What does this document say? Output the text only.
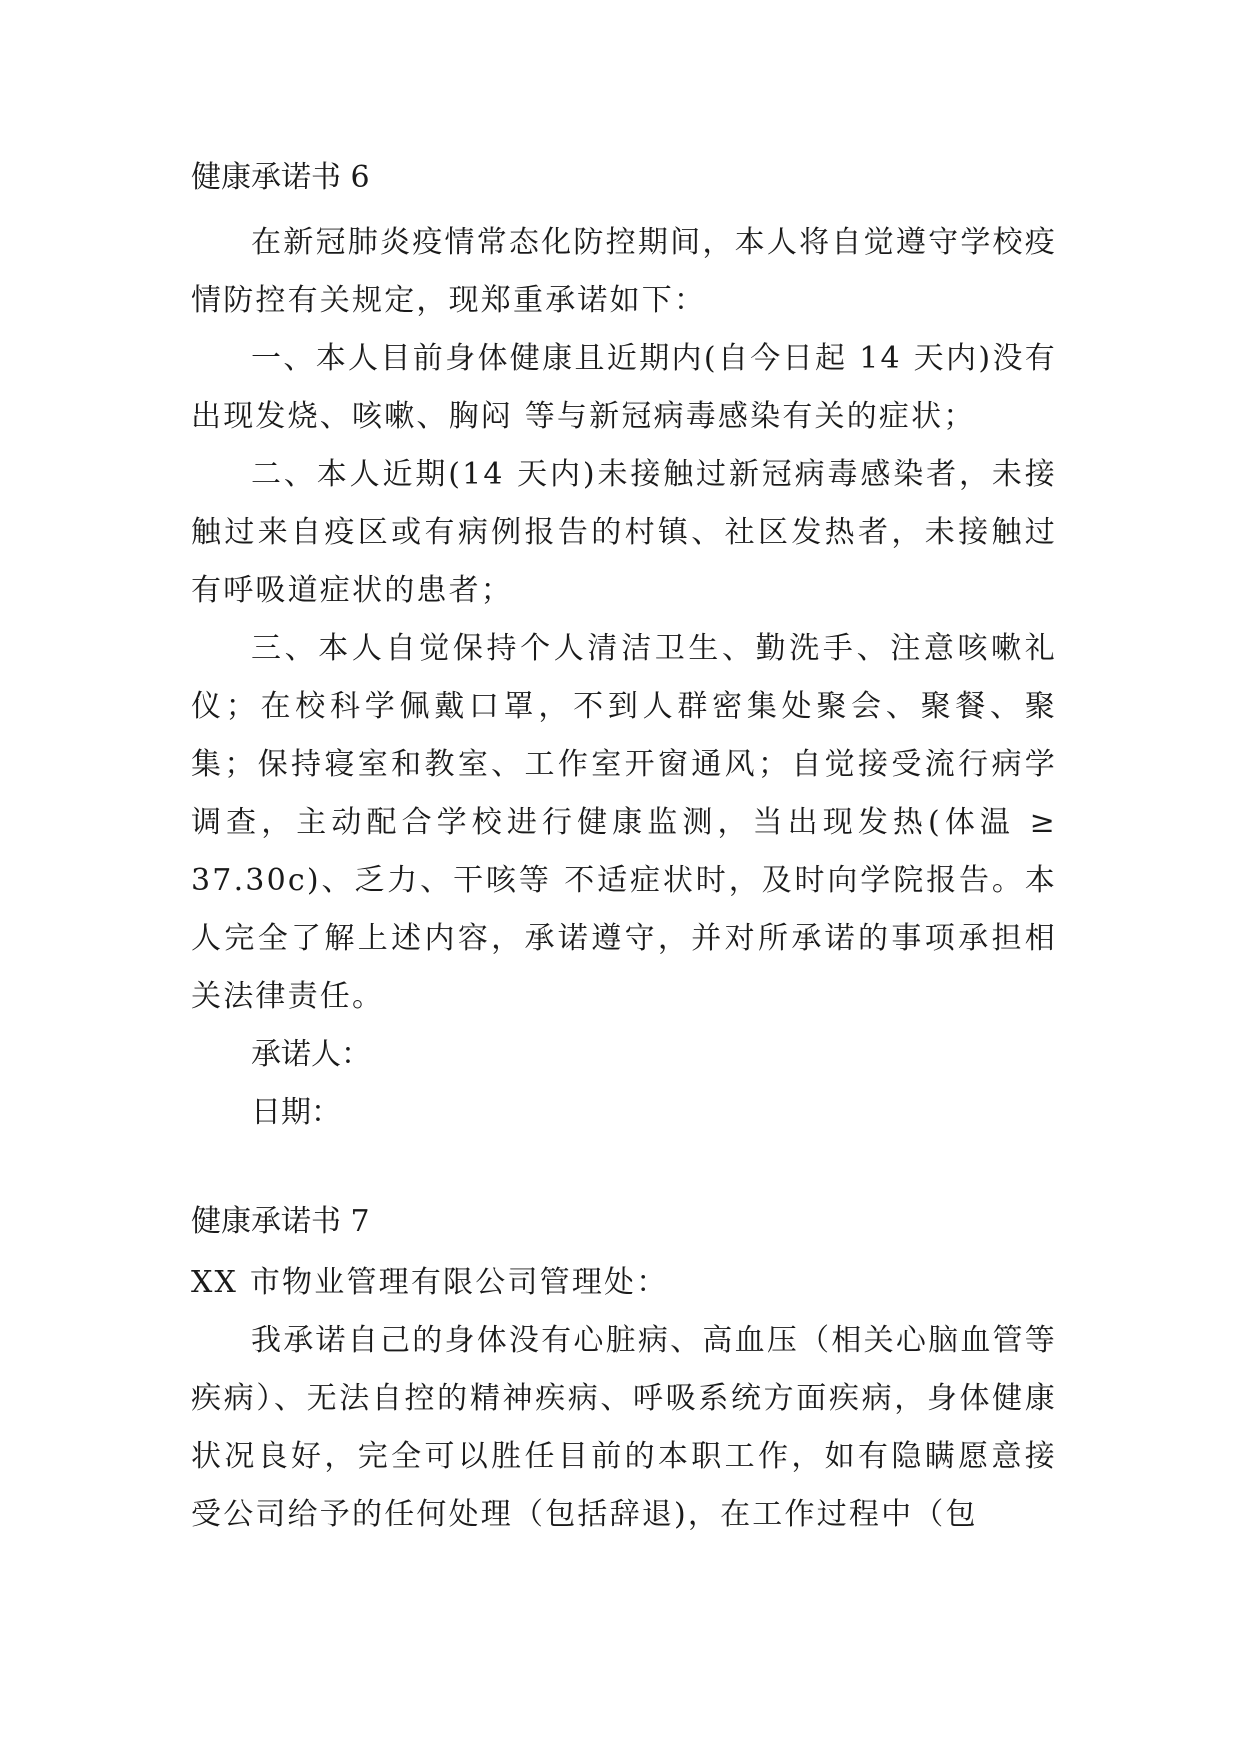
健康承诺书 6

在新冠肺炎疫情常态化防控期间，本人将自觉遵守学校疫情防控有关规定，现郑重承诺如下：

一、本人目前身体健康且近期内(自今日起 14 天内)没有出现发烧、咳嗽、胸闷 等与新冠病毒感染有关的症状；

二、本人近期(14 天内)未接触过新冠病毒感染者，未接触过来自疫区或有病例报告的村镇、社区发热者，未接触过有呼吸道症状的患者；

三、本人自觉保持个人清洁卫生、勤洗手、注意咳嗽礼仪；在校科学佩戴口罩，不到人群密集处聚会、聚餐、聚集；保持寝室和教室、工作室开窗通风；自觉接受流行病学调查，主动配合学校进行健康监测，当出现发热(体温 ≥ 37.30c)、乏力、干咳等 不适症状时，及时向学院报告。本人完全了解上述内容，承诺遵守，并对所承诺的事项承担相关法律责任。

承诺人：

日期：

健康承诺书 7

XX 市物业管理有限公司管理处：

我承诺自己的身体没有心脏病、高血压（相关心脑血管等疾病）、无法自控的精神疾病、呼吸系统方面疾病，身体健康状况良好，完全可以胜任目前的本职工作，如有隐瞒愿意接受公司给予的任何处理（包括辞退)，在工作过程中（包
